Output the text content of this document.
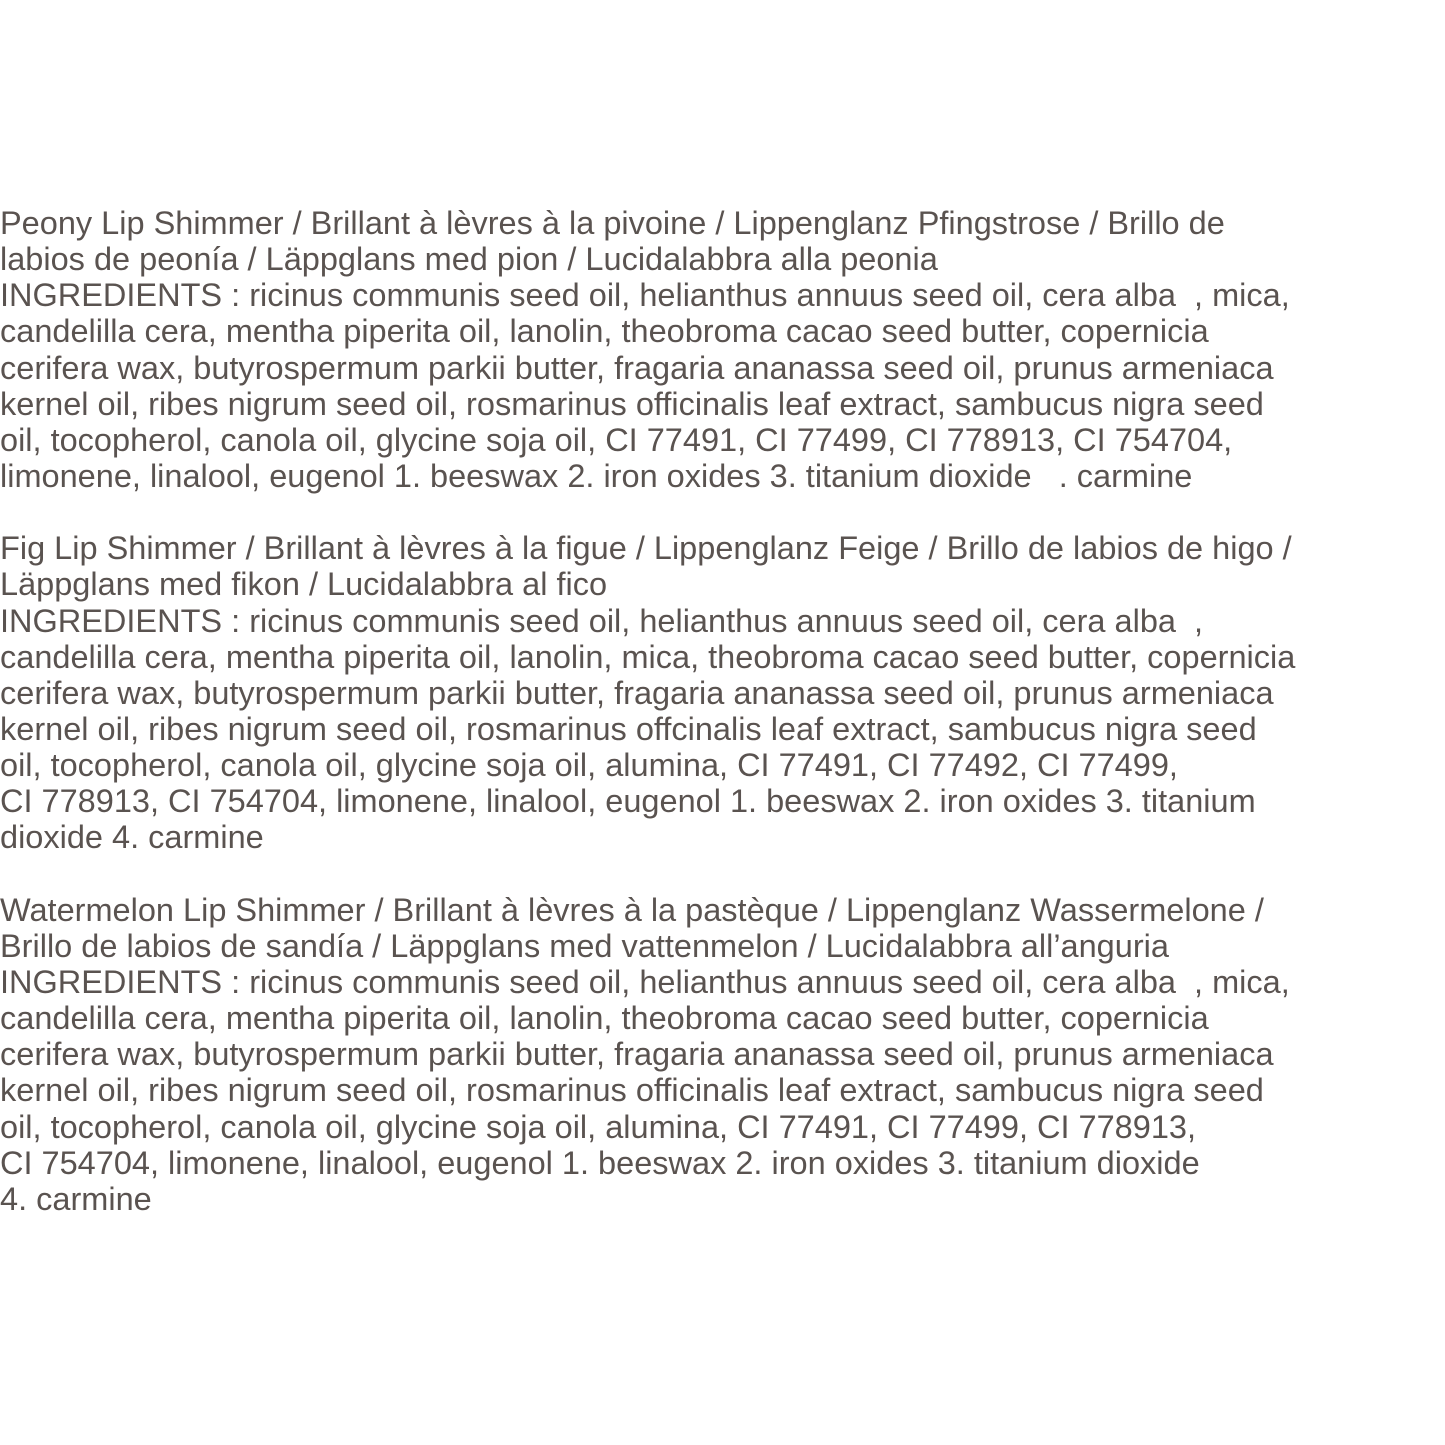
Peony Lip Shimmer / Brillant à lèvres à la pivoine / Lippenglanz Pfingstrose / Brillo de
labios de peonía / Läppglans med pion / Lucidalabbra alla peonia
INGREDIENTS : ricinus communis seed oil, helianthus annuus seed oil, cera alba  , mica,
candelilla cera, mentha piperita oil, lanolin, theobroma cacao seed butter, copernicia
cerifera wax, butyrospermum parkii butter, fragaria ananassa seed oil, prunus armeniaca
kernel oil, ribes nigrum seed oil, rosmarinus officinalis leaf extract, sambucus nigra seed
oil, tocopherol, canola oil, glycine soja oil, CI 77491, CI 77499, CI 778913, CI 754704,
limonene, linalool, eugenol 1. beeswax 2. iron oxides 3. titanium dioxide   . carmine
Fig Lip Shimmer / Brillant à lèvres à la figue / Lippenglanz Feige / Brillo de labios de higo /
Läppglans med fikon / Lucidalabbra al fico
INGREDIENTS : ricinus communis seed oil, helianthus annuus seed oil, cera alba  ,
candelilla cera, mentha piperita oil, lanolin, mica, theobroma cacao seed butter, copernicia
cerifera wax, butyrospermum parkii butter, fragaria ananassa seed oil, prunus armeniaca
kernel oil, ribes nigrum seed oil, rosmarinus offcinalis leaf extract, sambucus nigra seed
oil, tocopherol, canola oil, glycine soja oil, alumina, CI 77491, CI 77492, CI 77499,
CI 778913, CI 754704, limonene, linalool, eugenol 1. beeswax 2. iron oxides 3. titanium
dioxide 4. carmine
Watermelon Lip Shimmer / Brillant à lèvres à la pastèque / Lippenglanz Wassermelone /
Brillo de labios de sandía / Läppglans med vattenmelon / Lucidalabbra all’anguria
INGREDIENTS : ricinus communis seed oil, helianthus annuus seed oil, cera alba  , mica,
candelilla cera, mentha piperita oil, lanolin, theobroma cacao seed butter, copernicia
cerifera wax, butyrospermum parkii butter, fragaria ananassa seed oil, prunus armeniaca
kernel oil, ribes nigrum seed oil, rosmarinus officinalis leaf extract, sambucus nigra seed
oil, tocopherol, canola oil, glycine soja oil, alumina, CI 77491, CI 77499, CI 778913,
CI 754704, limonene, linalool, eugenol 1. beeswax 2. iron oxides 3. titanium dioxide
4. carmine
